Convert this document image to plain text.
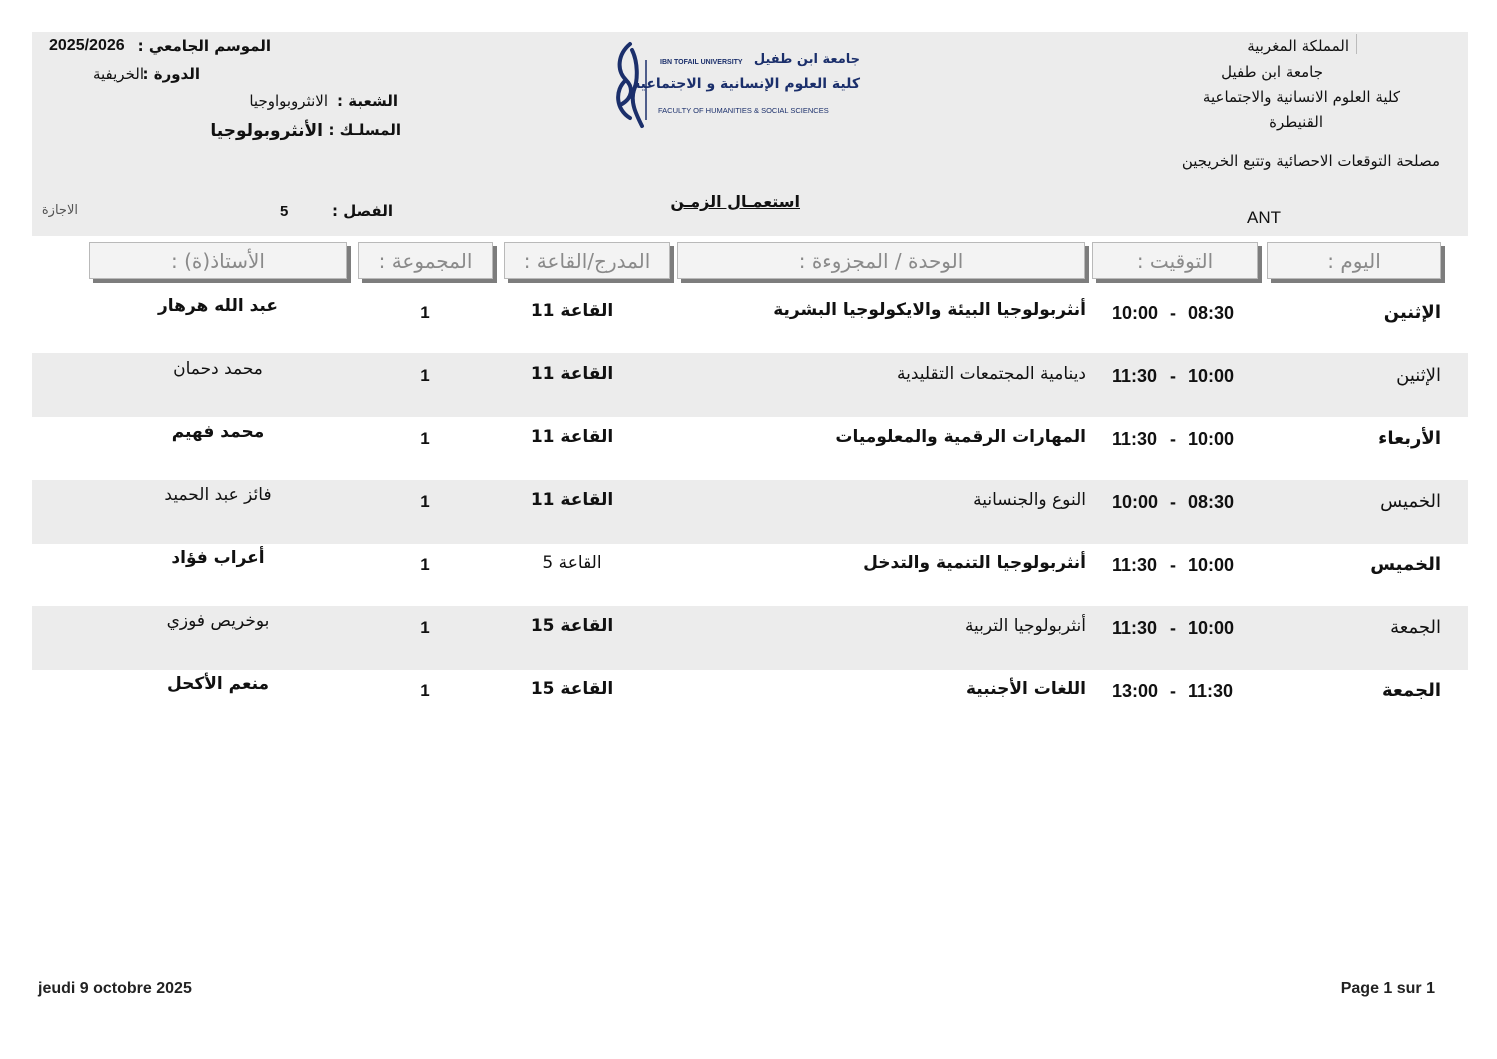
المملكة المغربية
جامعة ابن طفيل
كلية العلوم الانسانية والاجتماعية
القنيطرة
مصلحة التوقعات الاحصائية وتتبع الخريجين
ANT
IBN TOFAIL UNIVERSITY جامعة ابن طفيل
كلية العلوم الإنسانية و الاجتماعية
FACULTY OF HUMANITIES & SOCIAL SCIENCES
الموسم الجامعي :
2025/2026
الدورة :
الخريفية
الشعبة :
الانثروبواوجيا
المسلـك :
الأنثروبولوجيا
الفصل :
5
الاجازة	استعمـال الزمـن
اليوم :
التوقيت :
الوحدة / المجزوءة :
المدرج/القاعة :
المجموعة :
الأستاذ(ة) :
الإثنين
08:30
-
10:00
أنثربولوجيا البيئة والايكولوجيا البشرية
القاعة 11
1
عبد الله هرهار
الإثنين
10:00
-
11:30
دينامية المجتمعات التقليدية
القاعة 11
1
محمد دحمان
الأربعاء
10:00
-
11:30
المهارات الرقمية والمعلوميات
القاعة 11
1
محمد فهيم
الخميس
08:30
-
10:00
النوع والجنسانية
القاعة 11
1
فائز عبد الحميد
الخميس
10:00
-
11:30
أنثربولوجيا التنمية والتدخل
القاعة 5
1
أعراب فؤاد
الجمعة
10:00
-
11:30
أنثربولوجيا التربية
القاعة 15
1
بوخريص فوزي
الجمعة
11:30
-
13:00
اللغات الأجنبية
القاعة 15
1
منعم الأكحل
jeudi 9 octobre 2025	Page 1 sur 1
